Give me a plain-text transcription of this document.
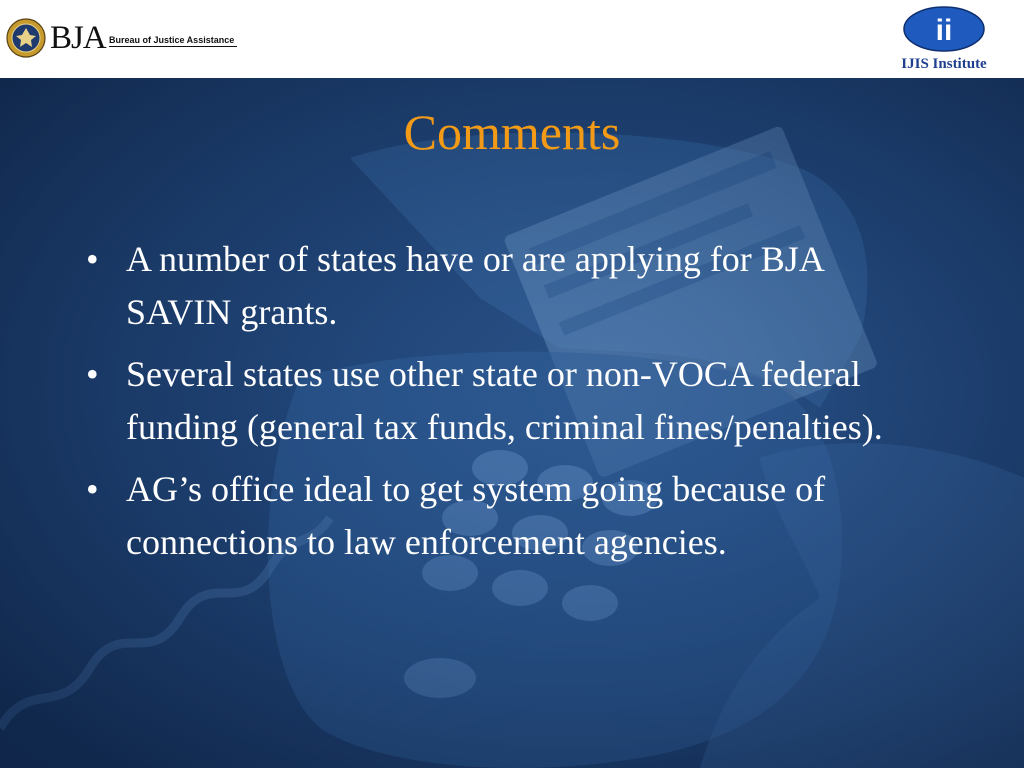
BJA Bureau of Justice Assistance	ii
IJIS Institute
Comments
• A number of states have or are applying for BJA SAVIN grants.
• Several states use other state or non-VOCA federal funding (general tax funds, criminal fines/penalties).
• AG’s office ideal to get system going because of connections to law enforcement agencies.
